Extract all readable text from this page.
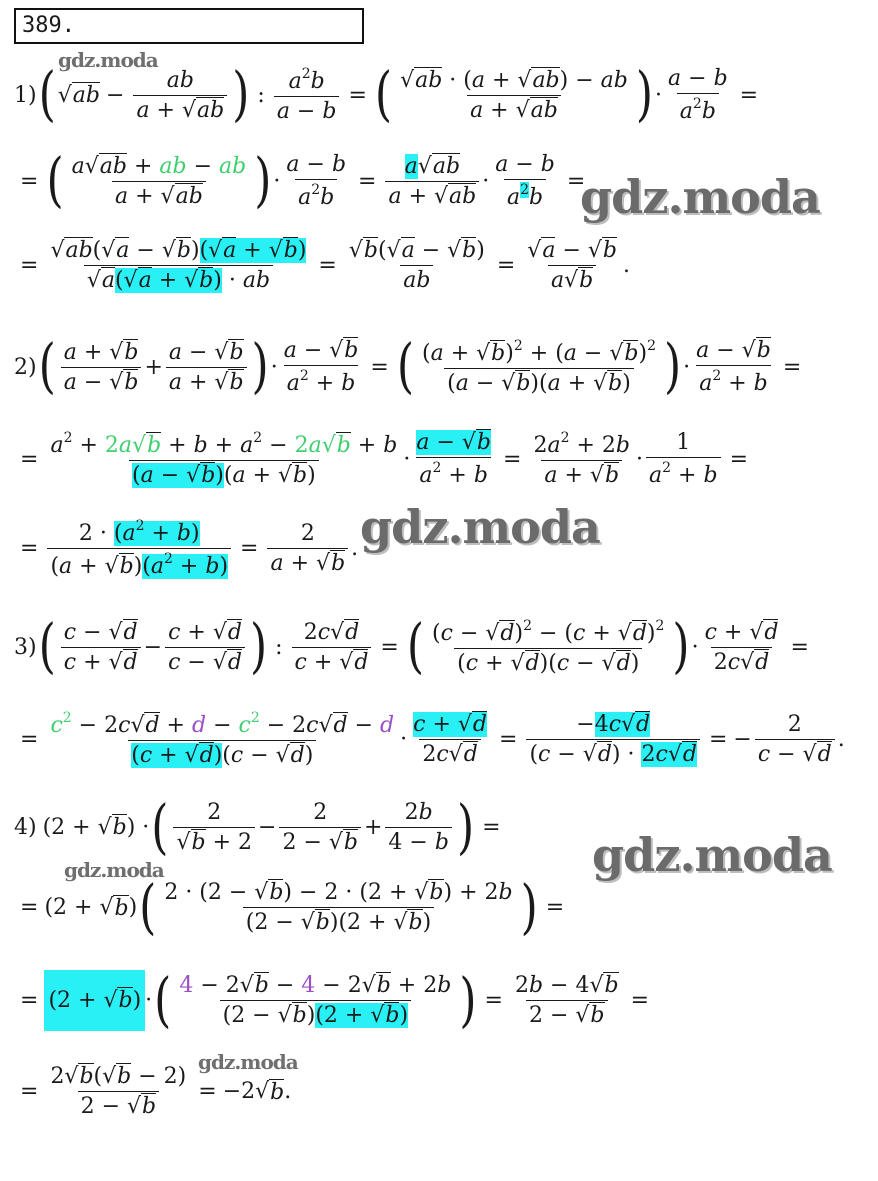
389.
gdz.moda
gdz.moda
gdz.moda
gdz.moda
gdz.moda
gdz.moda
1) ( √ ab − $\frac{ab}{a + √ab}$ ) : $\frac{a^2b}{a - b}$ = ( $\frac{√ab \cdot (a + √ab) - ab}{a + √ab}$ ) · $\frac{a - b}{a^2b}$ =
= ( $\frac{a√ab + ab - ab}{a + √ab}$ ) · $\frac{a - b}{a^2b} = \frac{a√ab}{a + √ab} \cdot \frac{a - b}{a^2b}$ =
= $\frac{√ab(√a - √b)(√a + √b)}{√a(√a + √b) \cdot ab} = \frac{√b(√a - √b)}{ab} = \frac{√a - √b}{a√b}$ .
2) ( $\frac{a + √b}{a - √b} + \frac{a - √b}{a + √b}$ ) · $\frac{a - √b}{a^2 + b}$ = ( $\frac{(a + √b)^2 + (a - √b)^2}{(a - √b)(a + √b)}$ ) · $\frac{a - √b}{a^2 + b}$ =
= $\frac{a^2 + 2a√b + b + a^2 - 2a√b + b}{(a - √b)(a + √b)} \cdot \frac{a - √b}{a^2 + b} = \frac{2a^2 + 2b}{a + √b} \cdot \frac{1}{a^2 + b}$ =
= $\frac{2 \cdot (a^2 + b)}{(a + √b)(a^2 + b)} = \frac{2}{a + √b}$ .
3) ( $\frac{c - √d}{c + √d} - \frac{c + √d}{c - √d}$ ) : $\frac{2c√d}{c + √d}$ = ( $\frac{(c - √d)^2 - (c + √d)^2}{(c + √d)(c - √d)}$ ) · $\frac{c + √d}{2c√d}$ =
= $\frac{c^2 - 2c√d + d - c^2 - 2c√d - d}{(c + √d)(c - √d)} \cdot \frac{c + √d}{2c√d} = \frac{-4c√d}{(c - √d) \cdot 2c√d}$ = − $\frac{2}{c - √d}$ .
4) (2 + √b) · ( $\frac{2}{√b + 2} - \frac{2}{2 - √b} + \frac{2b}{4 - b}$ ) =
= (2 + √ b ) ( $\frac{2 \cdot (2 - √b) - 2 \cdot (2 + √b) + 2b}{(2 - √b)(2 + √b)}$ ) =
= (2 + √b) · ( $\frac{4 - 2√b - 4 - 2√b + 2b}{(2 - √b)(2 + √b)}$ ) = $\frac{2b - 4√b}{2 - √b}$ =
= $\frac{2√b(√b - 2)}{2 - √b} = -2√$ b .
